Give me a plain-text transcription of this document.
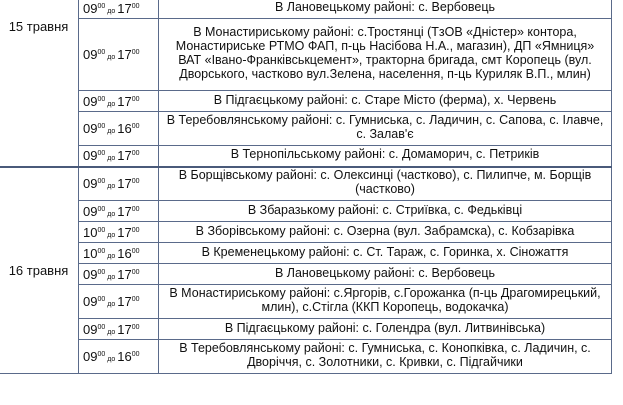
15 травня	$09^{00}до$ $17^{00}$	В Лановецькому районі: с. Вербовець
	$09^{00}до$ $17^{00}$	В Монастириському районі: с.Тростянці (ТзОВ «Дністер» контора, Монастириське РТМО ФАП, п-ць Насібова Н.А., магазин), ДП «Ямниця» ВАТ «Івано-Франківськцемент», тракторна бригада, смт Коропець (вул. Дворського, частково вул.Зелена, населення, п-ць Куриляк В.П., млин)
	$09^{00}до$ $17^{00}$	В Підгаєцькому районі: с. Старе Місто (ферма), х. Червень
	$09^{00}до$ $16^{00}$	В Теребовлянському районі: с. Гумниська, с. Ладичин, с. Сапова, с. Ілавче, с. Залав'є
	$09^{00}до$ $17^{00}$	В Тернопільському районі: с. Домаморич, с. Петриків
16 травня	$09^{00}до$ $17^{00}$	В Борщівському районі: с. Олексинці (частково), с. Пилипче, м. Борщів (частково)
	$09^{00}до$ $17^{00}$	В Збаразькому районі: с. Стриївка, с. Федьківці
	$10^{00}до$ $17^{00}$	В Зборівському районі: с. Озерна (вул. Забрамска), с. Кобзарівка
	$10^{00}до$ $16^{00}$	В Кременецькому районі: с. Ст. Тараж, с. Горинка, х. Сіножаття
	$09^{00}до$ $17^{00}$	В Лановецькому районі: с. Вербовець
	$09^{00}до$ $17^{00}$	В Монастириському районі: с.Яргорів, с.Горожанка (п-ць Драгомирецький, млин), с.Стігла (ККП Коропець, водокачка)
	$09^{00}до$ $17^{00}$	В Підгаєцькому районі: с. Голендра (вул. Литвинівська)
	$09^{00}до$ $16^{00}$	В Теребовлянському районі: с. Гумниська, с. Конопківка, с. Ладичин, с. Дворіччя, с. Золотники, с. Кривки, с. Підгайчики
